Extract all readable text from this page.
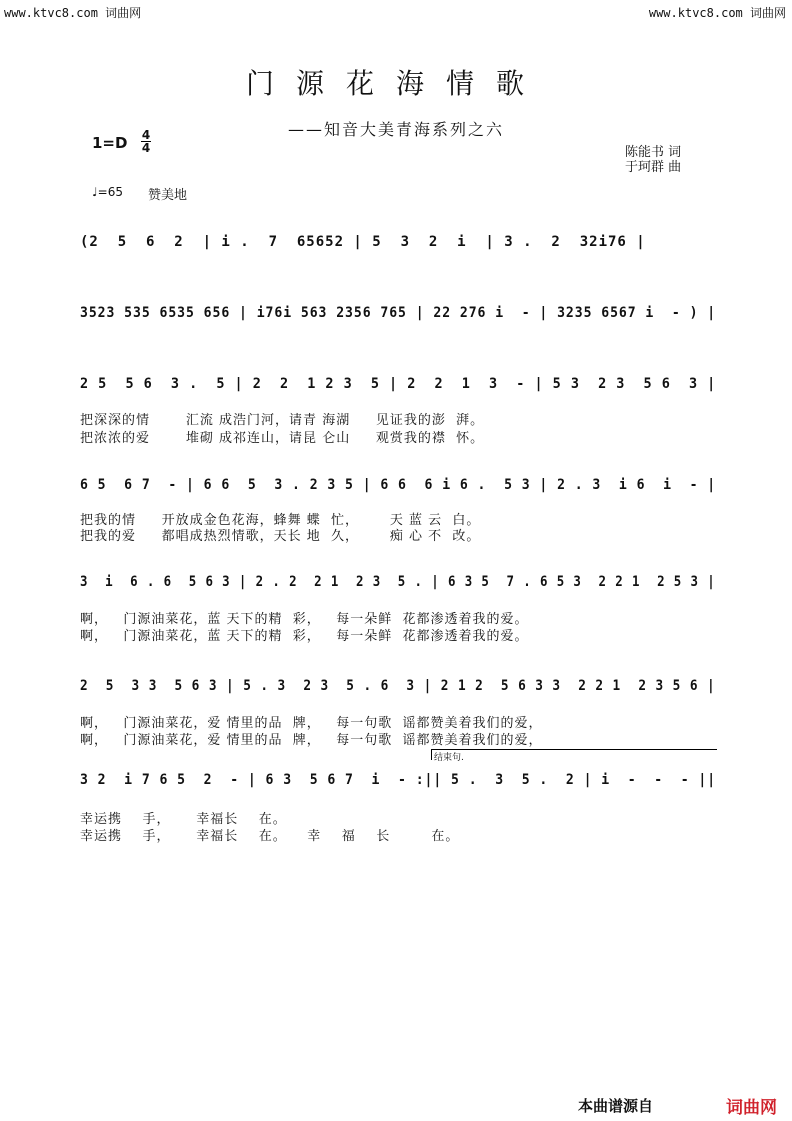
www.ktvc8.com 词曲网	www.ktvc8.com 词曲网
门源花海情歌
——知音大美青海系列之六
陈能书 词
于珂群 曲
1=D 4
4
♩=65 赞美地
(2  5  6  2  | i .  7  65652 | 5  3  2  i  | 3 .  2  32i76 |
3523 535 6535 656 | i76i 563 2356 765 | 22 276 i  - | 3235 6567 i  - ) |
2 5  5 6  3 .  5 | 2  2  1 2 3  5 | 2  2  1  3  - | 5 3  2 3  5 6  3 |
把深深的情       汇流 成浩门河，请青 海湖     见证我的澎  湃。
把浓浓的爱       堆砌 成祁连山，请昆 仑山     观赏我的襟  怀。
6 5  6 7  - | 6 6  5  3 . 2 3 5 | 6 6  6 i 6 .  5 3 | 2 . 3  i 6  i  - |
把我的情     开放成金色花海，蜂舞 蝶  忙，      天 蓝 云  白。
把我的爱     都唱成热烈情歌，天长 地  久，      痴 心 不  改。
3  i  6 . 6  5 6 3 | 2 . 2  2 1  2 3  5 . | 6 3 5  7 . 6 5 3  2 2 1  2 5 3 |
啊，   门源油菜花，蓝 天下的精  彩，   每一朵鲜  花都渗透着我的爱。
啊，   门源油菜花，蓝 天下的精  彩，   每一朵鲜  花都渗透着我的爱。
2  5  3 3  5 6 3 | 5 . 3  2 3  5 . 6  3 | 2 1 2  5 6 3 3  2 2 1  2 3 5 6 |
啊，   门源油菜花，爱 情里的品  牌，   每一句歌  谣都赞美着我们的爱，
啊，   门源油菜花，爱 情里的品  牌，   每一句歌  谣都赞美着我们的爱，
结束句.
3 2  i 7 6 5  2  - | 6 3  5 6 7  i  - :|| 5 .  3  5 .  2 | i  -  -  - ||
幸运携    手，     幸福长    在。
幸运携    手，     幸福长    在。    幸    福    长        在。
本曲谱源自	词曲网
